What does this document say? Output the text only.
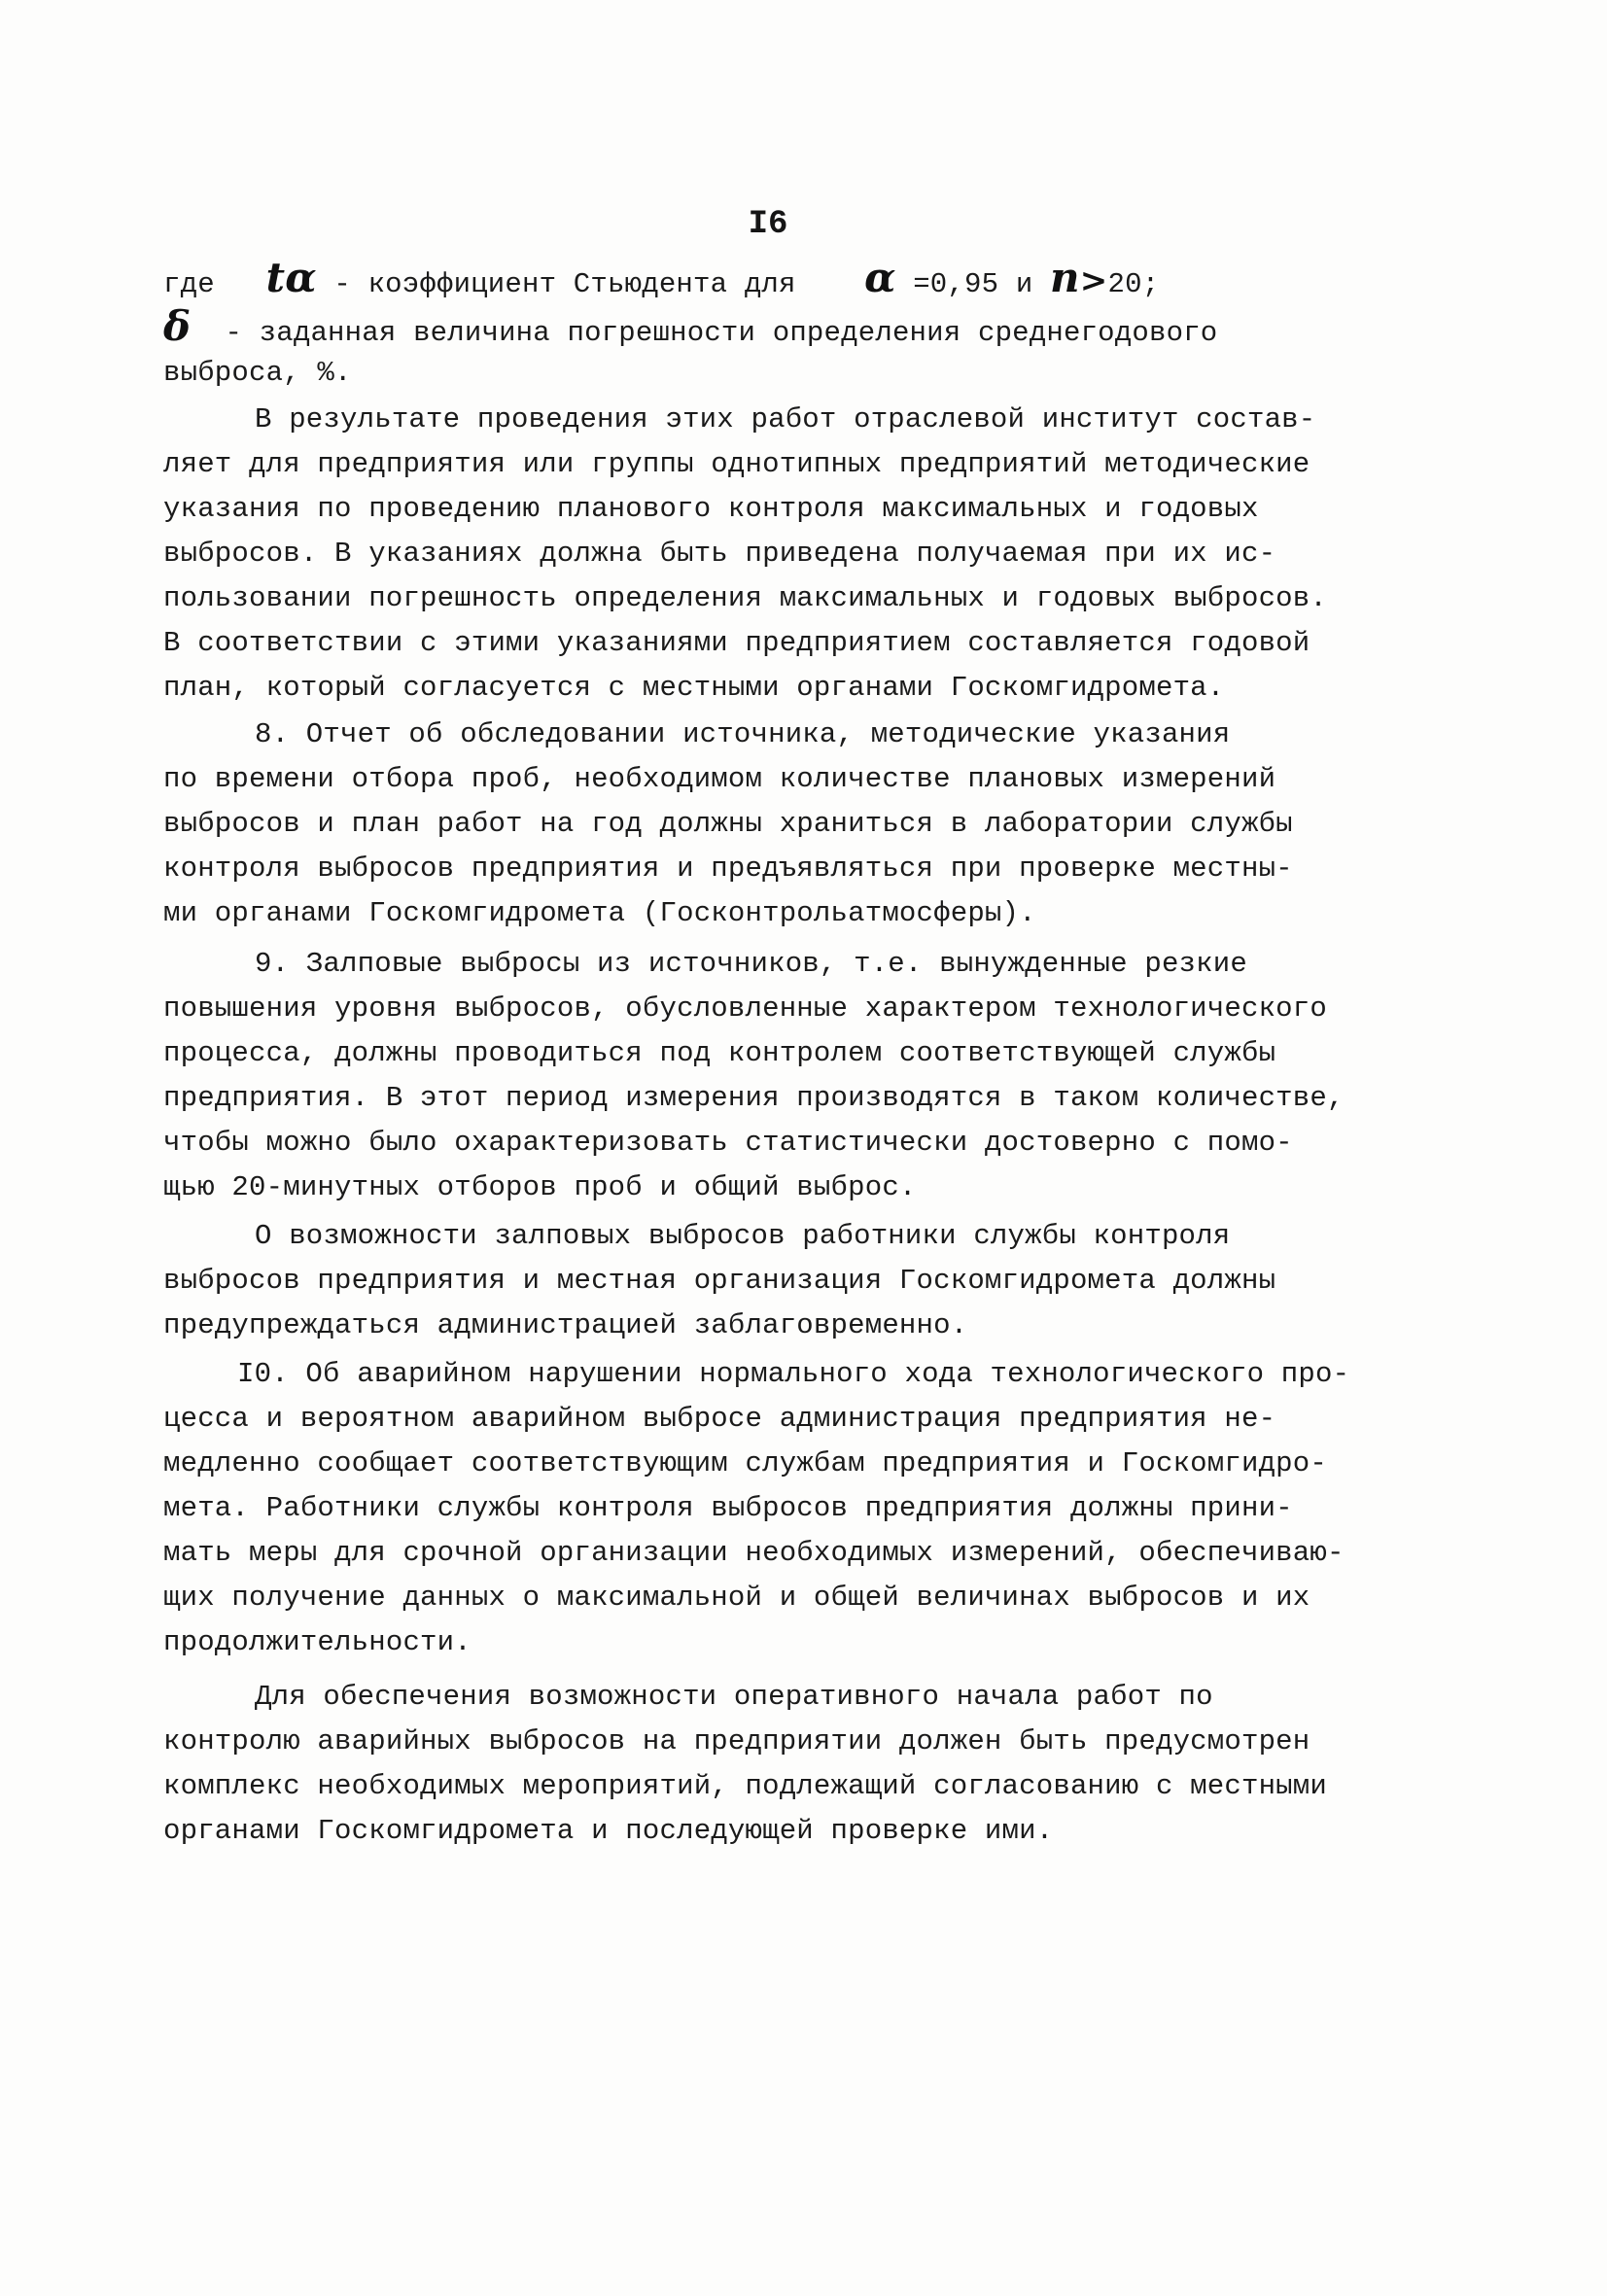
I6
где tα - коэффициент Стьюдента для α =0,95 и n>20;
δ - заданная величина погрешности определения среднегодового
выброса, %.
В результате проведения этих работ отраслевой институт состав-
ляет для предприятия или группы однотипных предприятий методические
указания по проведению планового контроля максимальных и годовых
выбросов. В указаниях должна быть приведена получаемая при их ис-
пользовании погрешность определения максимальных и годовых выбросов.
В соответствии с этими указаниями предприятием составляется годовой
план, который согласуется с местными органами Госкомгидромета.
8. Отчет об обследовании источника, методические указания
по времени отбора проб, необходимом количестве плановых измерений
выбросов и план работ на год должны храниться в лаборатории службы
контроля выбросов предприятия и предъявляться при проверке местны-
ми органами Госкомгидромета (Госконтрольатмосферы).
9. Залповые выбросы из источников, т.е. вынужденные резкие
повышения уровня выбросов, обусловленные характером технологического
процесса, должны проводиться под контролем соответствующей службы
предприятия. В этот период измерения производятся в таком количестве,
чтобы можно было охарактеризовать статистически достоверно с помо-
щью 20-минутных отборов проб и общий выброс.
О возможности залповых выбросов работники службы контроля
выбросов предприятия и местная организация Госкомгидромета должны
предупреждаться администрацией заблаговременно.
I0. Об аварийном нарушении нормального хода технологического про-
цесса и вероятном аварийном выбросе администрация предприятия не-
медленно сообщает соответствующим службам предприятия и Госкомгидро-
мета. Работники службы контроля выбросов предприятия должны прини-
мать меры для срочной организации необходимых измерений, обеспечиваю-
щих получение данных о максимальной и общей величинах выбросов и их
продолжительности.
Для обеспечения возможности оперативного начала работ по
контролю аварийных выбросов на предприятии должен быть предусмотрен
комплекс необходимых мероприятий, подлежащий согласованию с местными
органами Госкомгидромета и последующей проверке ими.
